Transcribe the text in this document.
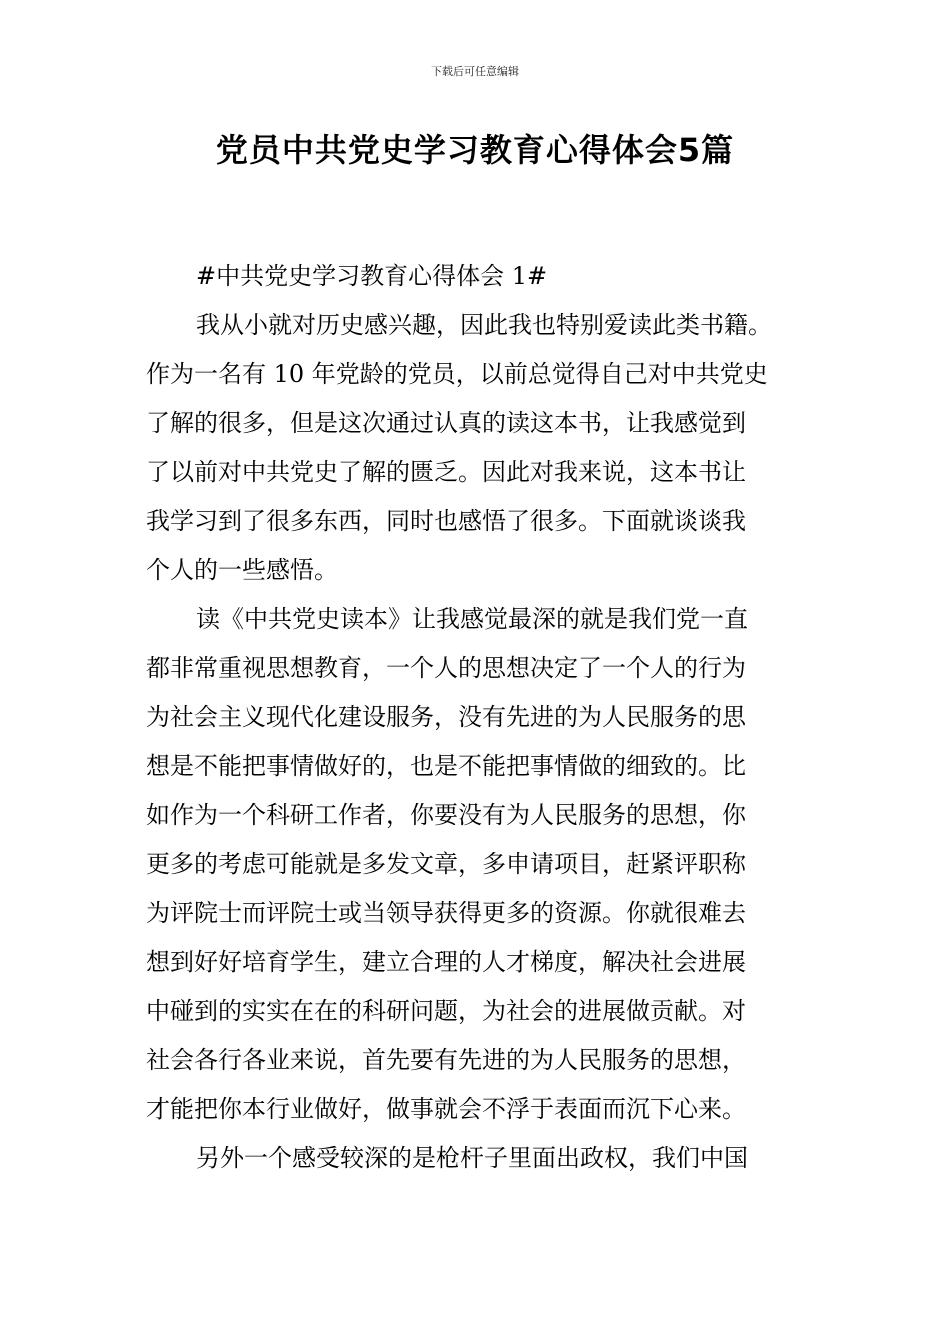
下载后可任意编辑
党员中共党史学习教育心得体会5篇
#中共党史学习教育心得体会 1#
我从小就对历史感兴趣，因此我也特别爱读此类书籍。
作为一名有 10 年党龄的党员，以前总觉得自己对中共党史
了解的很多，但是这次通过认真的读这本书，让我感觉到
了以前对中共党史了解的匮乏。因此对我来说，这本书让
我学习到了很多东西，同时也感悟了很多。下面就谈谈我
个人的一些感悟。
读《中共党史读本》让我感觉最深的就是我们党一直
都非常重视思想教育，一个人的思想决定了一个人的行为
为社会主义现代化建设服务，没有先进的为人民服务的思
想是不能把事情做好的，也是不能把事情做的细致的。比
如作为一个科研工作者，你要没有为人民服务的思想，你
更多的考虑可能就是多发文章，多申请项目，赶紧评职称
为评院士而评院士或当领导获得更多的资源。你就很难去
想到好好培育学生，建立合理的人才梯度，解决社会进展
中碰到的实实在在的科研问题，为社会的进展做贡献。对
社会各行各业来说，首先要有先进的为人民服务的思想，
才能把你本行业做好，做事就会不浮于表面而沉下心来。
另外一个感受较深的是枪杆子里面出政权，我们中国
